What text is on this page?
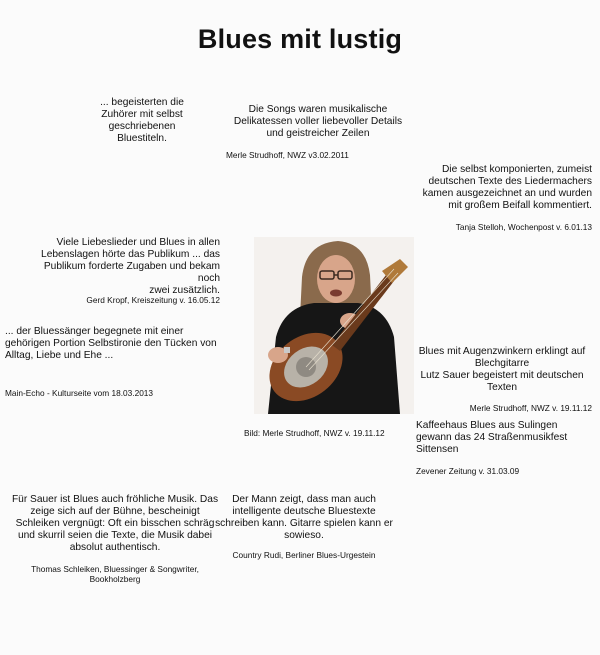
Blues mit lustig
... begeisterten die
Zuhörer mit selbst
geschriebenen
Bluestiteln.
Die Songs waren musikalische
Delikatessen voller liebevoller Details
und geistreicher Zeilen
Merle Strudhoff, NWZ v3.02.2011
Die selbst komponierten, zumeist
deutschen Texte des Liedermachers
kamen ausgezeichnet an und wurden
mit großem Beifall kommentiert.
Tanja Stelloh, Wochenpost v. 6.01.13
Viele Liebeslieder und Blues in allen
Lebenslagen hörte das Publikum ... das
Publikum forderte Zugaben und bekam noch
zwei zusätzlich.
Gerd Kropf, Kreiszeitung v. 16.05.12
... der Bluessänger begegnete mit einer
gehörigen Portion Selbstironie den Tücken von
Alltag, Liebe und Ehe ...
Main-Echo - Kulturseite vom 18.03.2013
Bild: Merle Strudhoff, NWZ v. 19.11.12
Blues mit Augenzwinkern erklingt auf
Blechgitarre
Lutz Sauer begeistert mit deutschen
Texten
Merle Strudhoff, NWZ v. 19.11.12
Kaffeehaus Blues aus Sulingen
gewann das 24 Straßenmusikfest
Sittensen
Zevener Zeitung v. 31.03.09
Für Sauer ist Blues auch fröhliche Musik. Das
zeige sich auf der Bühne, bescheinigt
Schleiken vergnügt: Oft ein bisschen schräg
und skurril seien die Texte, die Musik dabei
absolut authentisch.
Thomas Schleiken, Bluessinger & Songwriter,
Bookholzberg
Der Mann zeigt, dass man auch
intelligente deutsche Bluestexte
schreiben kann. Gitarre spielen kann er
sowieso.
Country Rudi, Berliner Blues-Urgestein
